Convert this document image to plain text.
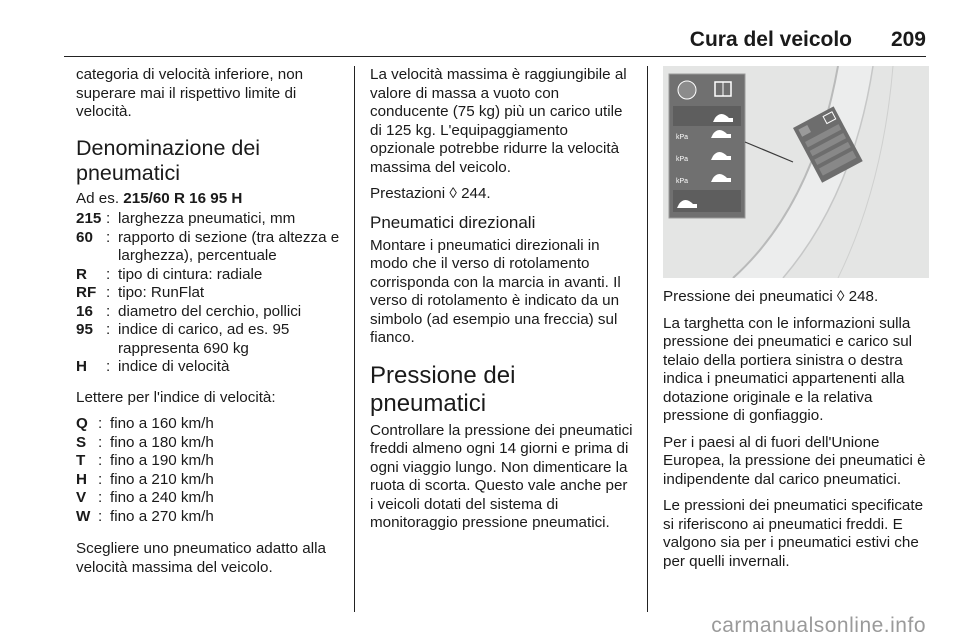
Cura del veicolo 209

categoria di velocità inferiore, non superare mai il rispettivo limite di velocità.

Denominazione dei pneumatici

Ad es. 215/60 R 16 95 H

215 : larghezza pneumatici, mm
60 : rapporto di sezione (tra altezza e larghezza), percentuale
R	: tipo di cintura: radiale
RF : tipo: RunFlat
16 : diametro del cerchio, pollici
95 : indice di carico, ad es. 95 rappresenta 690 kg
H	: indice di velocità

Lettere per l'indice di velocità:

Q : fino a 160 km/h
S : fino a 180 km/h
T : fino a 190 km/h
H : fino a 210 km/h
V : fino a 240 km/h
W : fino a 270 km/h

Scegliere uno pneumatico adatto alla velocità massima del veicolo.

La velocità massima è raggiungibile al valore di massa a vuoto con conducente (75 kg) più un carico utile di 125 kg. L'equipaggiamento opzionale potrebbe ridurre la velocità massima del veicolo.

Prestazioni ◊ 244.

Pneumatici direzionali

Montare i pneumatici direzionali in modo che il verso di rotolamento corrisponda con la marcia in avanti. Il verso di rotolamento è indicato da un simbolo (ad esempio una freccia) sul fianco.

Pressione dei pneumatici

Controllare la pressione dei pneumatici freddi almeno ogni 14 giorni e prima di ogni viaggio lungo. Non dimenticare la ruota di scorta. Questo vale anche per i veicoli dotati del sistema di monitoraggio pressione pneumatici.

kPa
kPa
kPa

Pressione dei pneumatici ◊ 248.

La targhetta con le informazioni sulla pressione dei pneumatici e carico sul telaio della portiera sinistra o destra indica i pneumatici appartenenti alla dotazione originale e la relativa pressione di gonfiaggio.

Per i paesi al di fuori dell'Unione Europea, la pressione dei pneumatici è indipendente dal carico pneumatici.

Le pressioni dei pneumatici specificate si riferiscono ai pneumatici freddi. E valgono sia per i pneumatici estivi che per quelli invernali.

carmanualsonline.info
